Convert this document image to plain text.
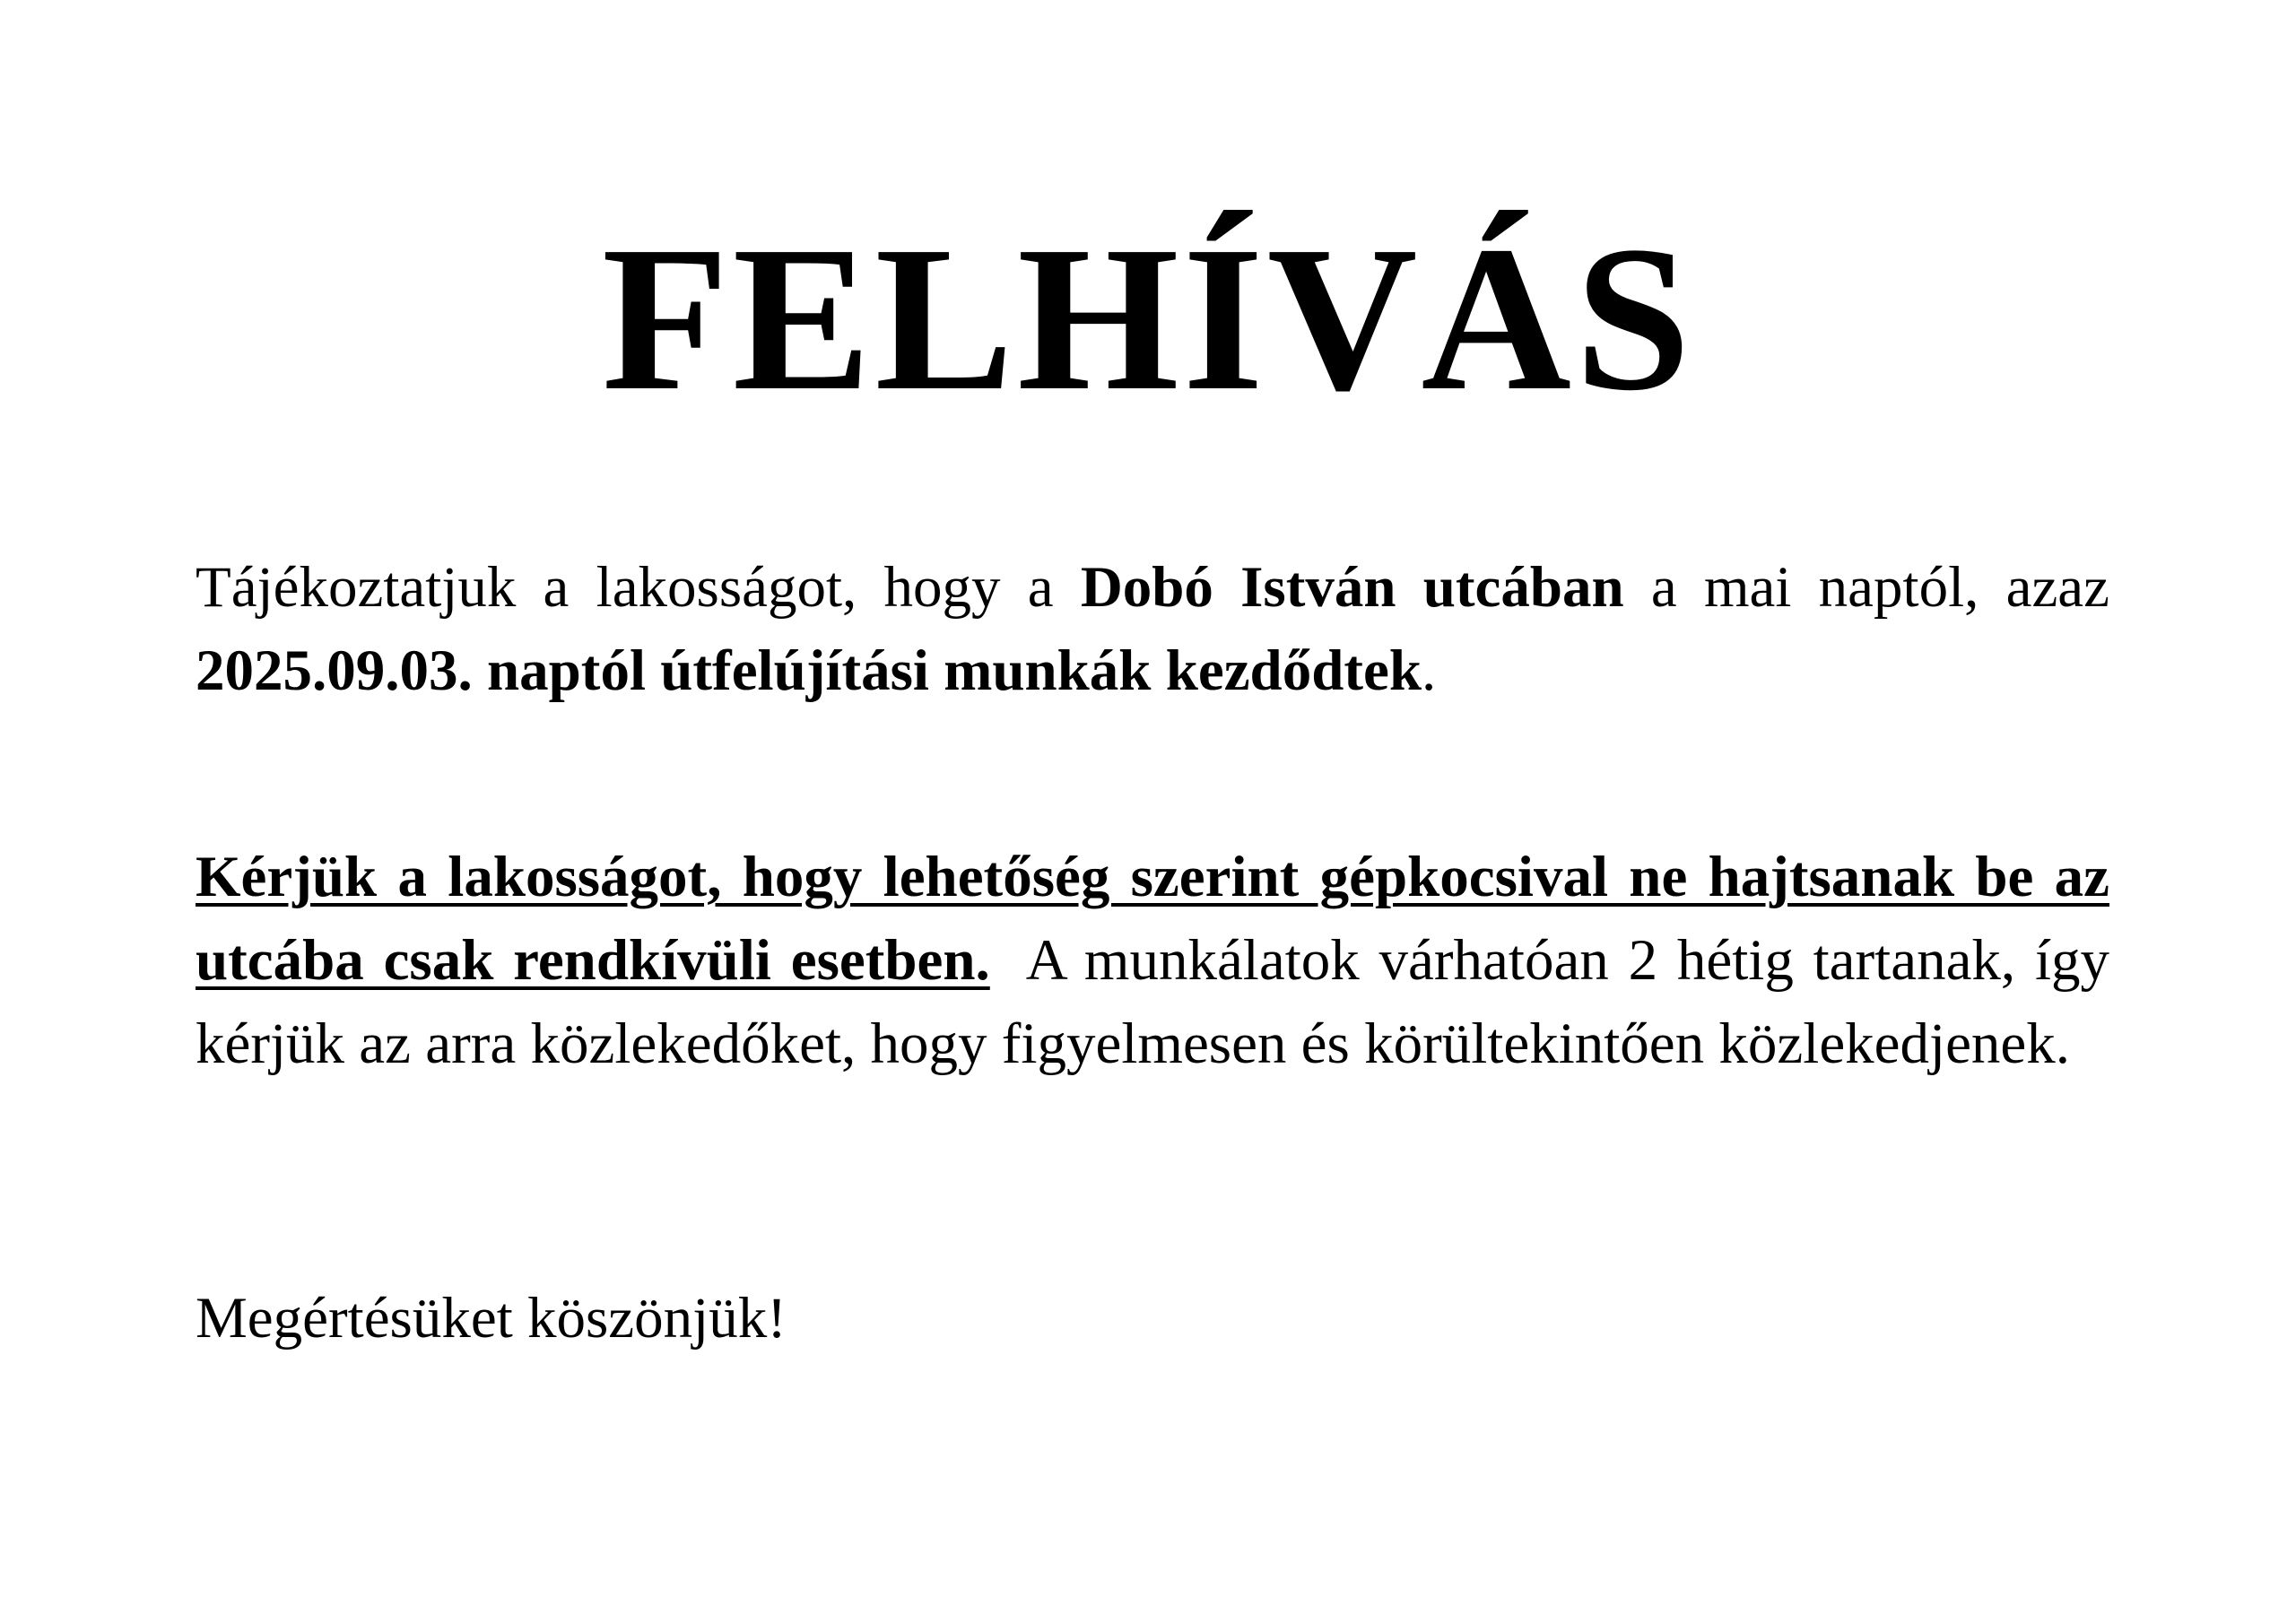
FELHÍVÁS
Tájékoztatjuk a lakosságot, hogy a Dobó István utcában a mai naptól, azaz 2025.09.03. naptól útfelújítási munkák kezdődtek.
Kérjük a lakosságot, hogy lehetőség szerint gépkocsival ne hajtsanak be az utcába csak rendkívüli esetben. A munkálatok várhatóan 2 hétig tartanak, így kérjük az arra közlekedőket, hogy figyelmesen és körültekintően közlekedjenek.
Megértésüket köszönjük!
